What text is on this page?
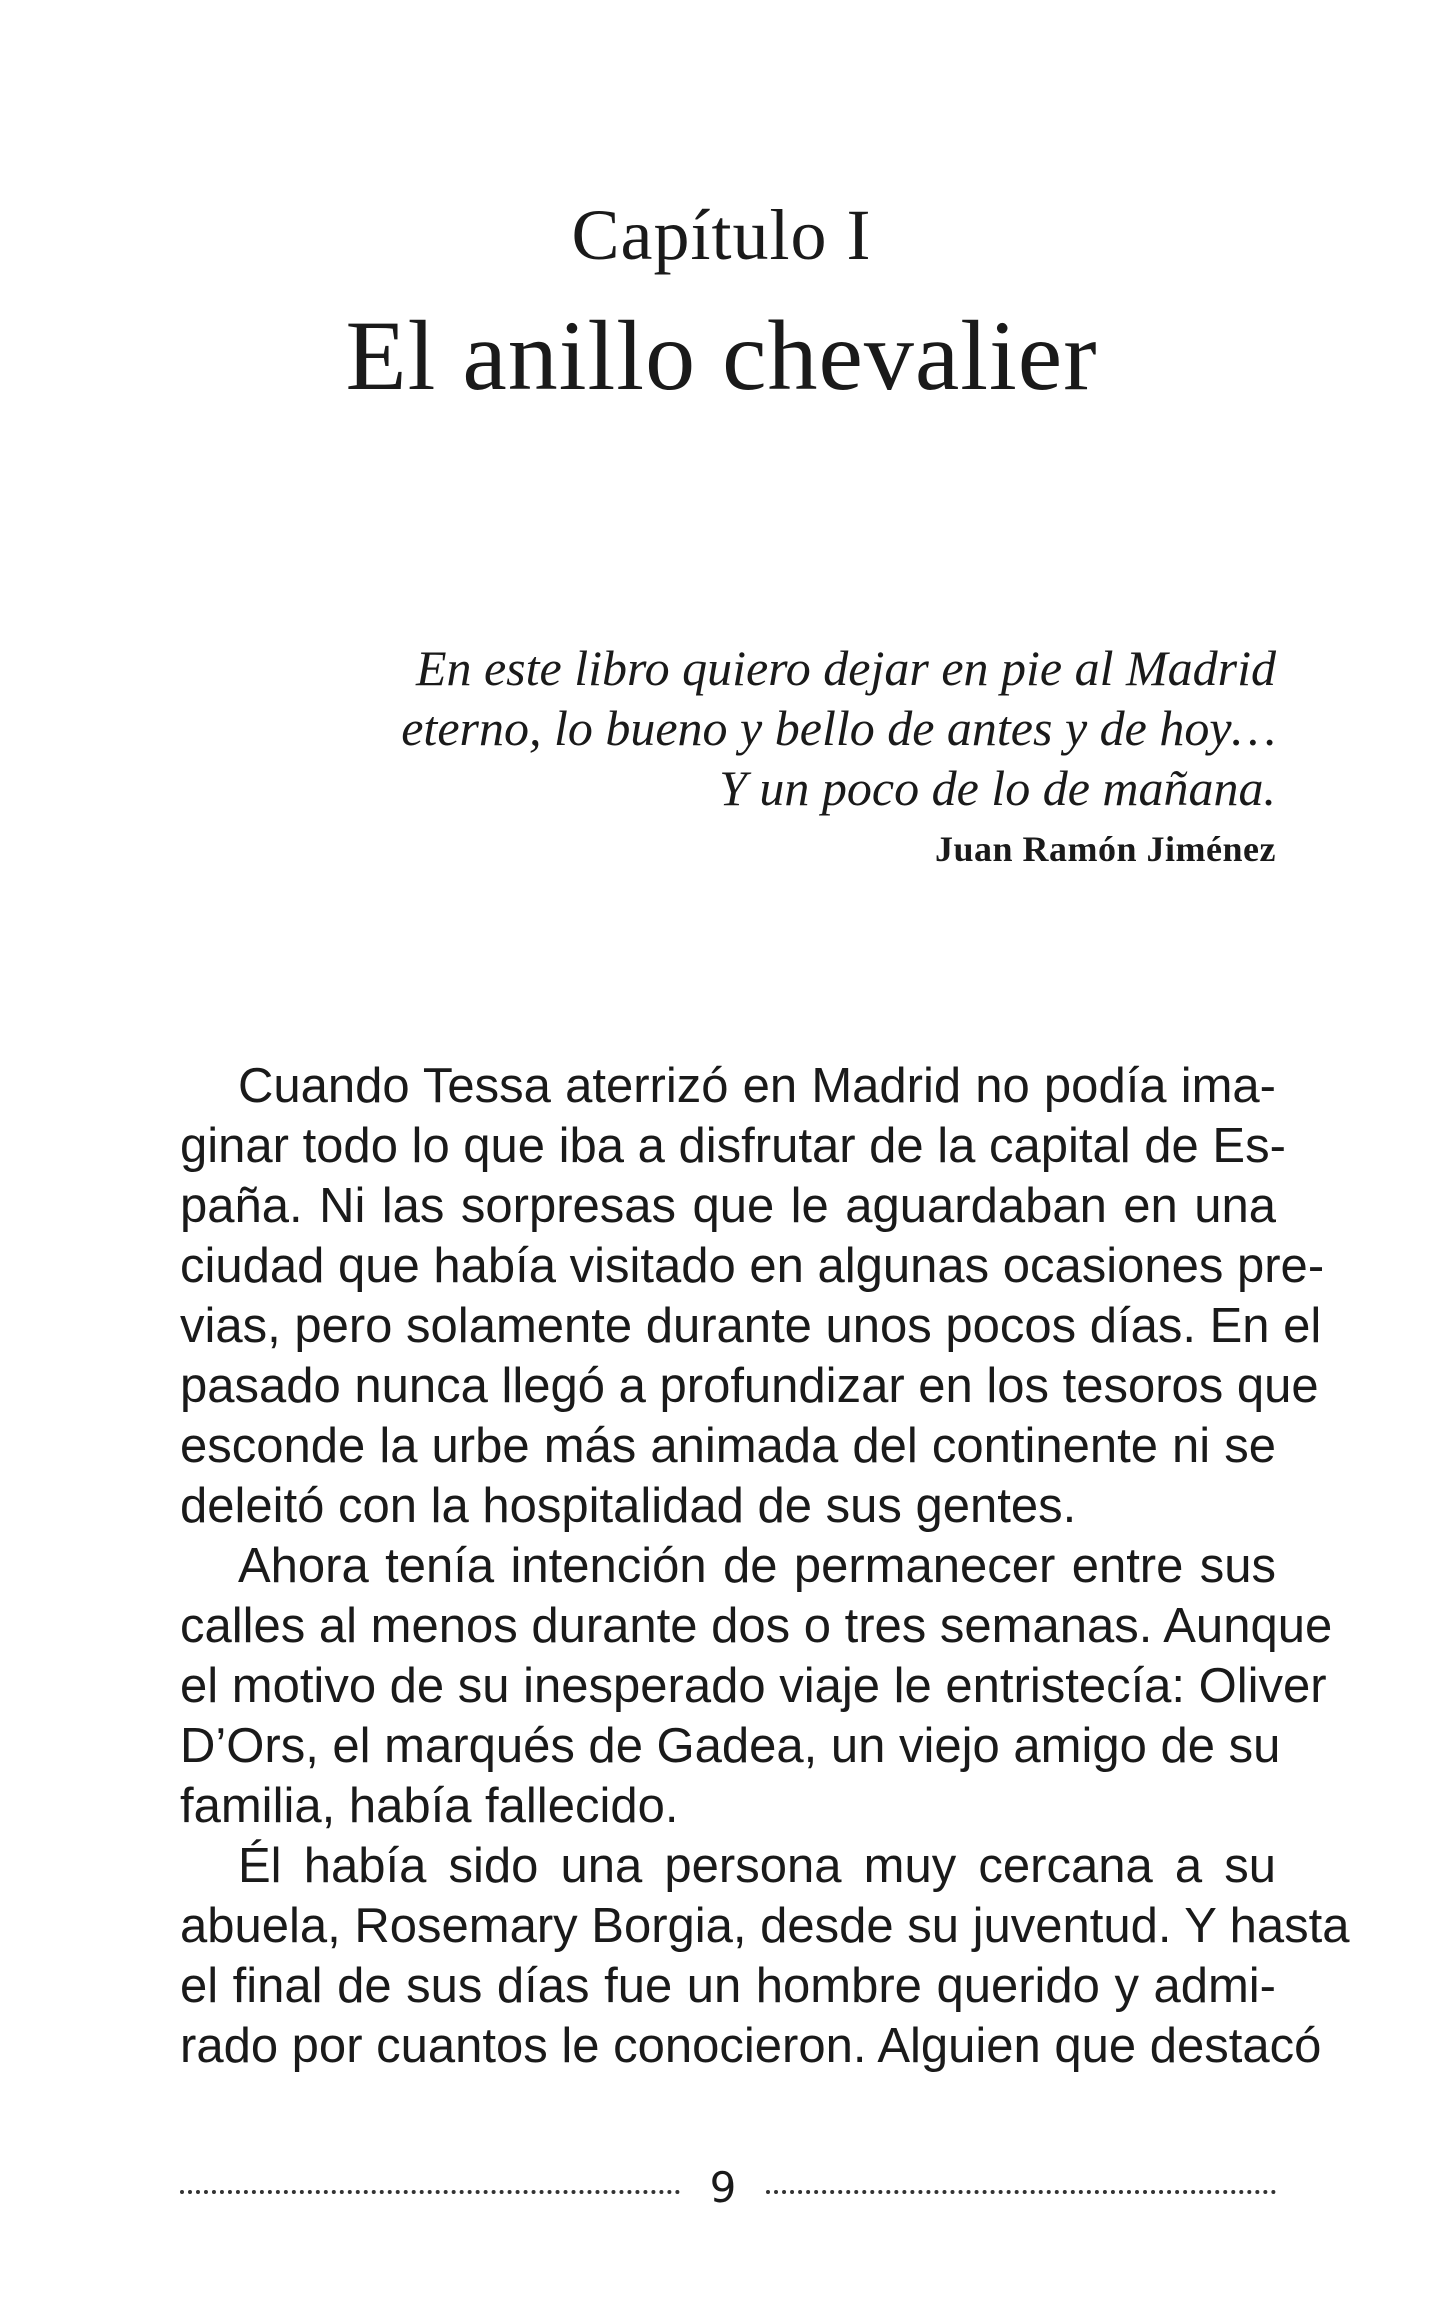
Capítulo I
El anillo chevalier
En este libro quiero dejar en pie al Madrid
eterno, lo bueno y bello de antes y de hoy…
Y un poco de lo de mañana.
Juan Ramón Jiménez
Cuando Tessa aterrizó en Madrid no podía ima-
ginar todo lo que iba a disfrutar de la capital de Es-
paña. Ni las sorpresas que le aguardaban en una
ciudad que había visitado en algunas ocasiones pre-
vias, pero solamente durante unos pocos días. En el
pasado nunca llegó a profundizar en los tesoros que
esconde la urbe más animada del continente ni se
deleitó con la hospitalidad de sus gentes.
Ahora tenía intención de permanecer entre sus
calles al menos durante dos o tres semanas. Aunque
el motivo de su inesperado viaje le entristecía: Oliver
D’Ors, el marqués de Gadea, un viejo amigo de su
familia, había fallecido.
Él había sido una persona muy cercana a su
abuela, Rosemary Borgia, desde su juventud. Y hasta
el final de sus días fue un hombre querido y admi-
rado por cuantos le conocieron. Alguien que destacó
9
